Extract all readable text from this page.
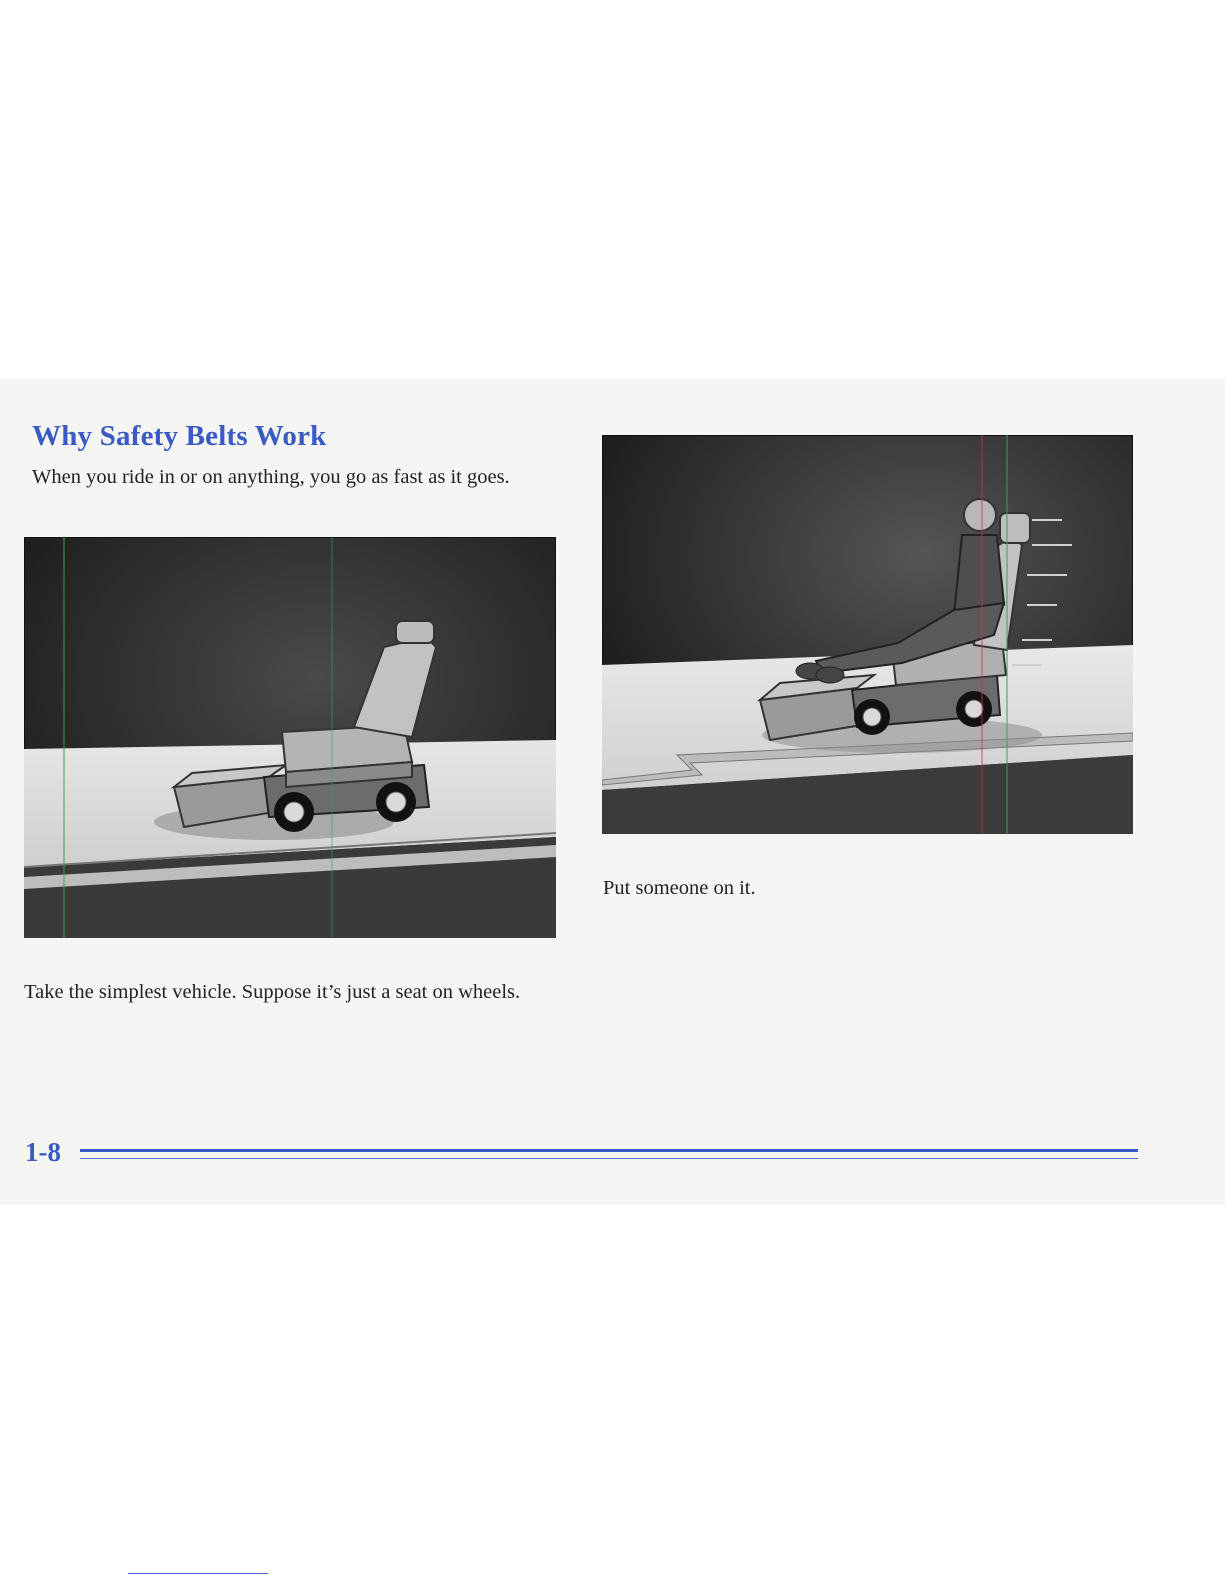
Why Safety Belts Work

When you ride in or on anything, you go as fast as it goes.

Put someone on it.

Take the simplest vehicle. Suppose it’s just a seat on wheels.

1-8
